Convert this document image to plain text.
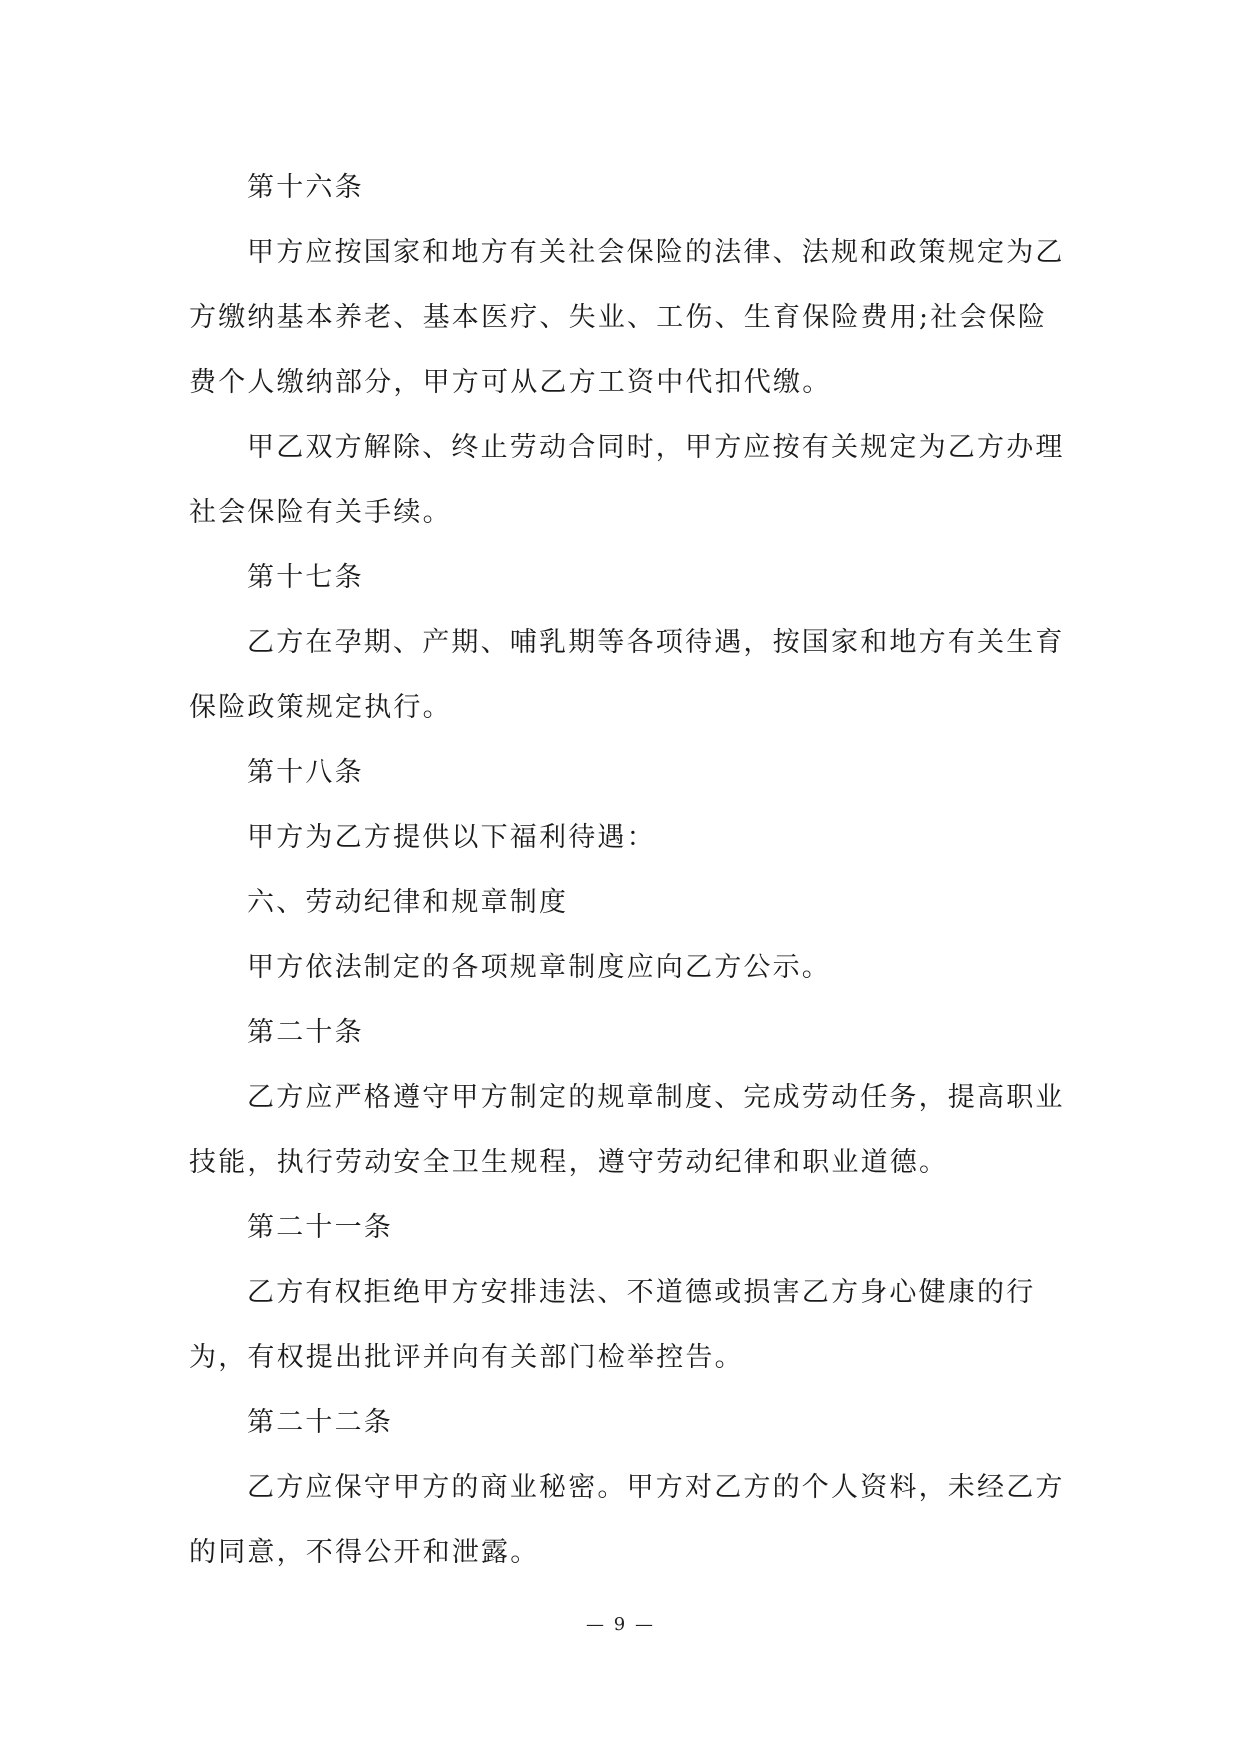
第十六条

甲方应按国家和地方有关社会保险的法律、法规和政策规定为乙方缴纳基本养老、基本医疗、失业、工伤、生育保险费用;社会保险费个人缴纳部分，甲方可从乙方工资中代扣代缴。

甲乙双方解除、终止劳动合同时，甲方应按有关规定为乙方办理社会保险有关手续。

第十七条

乙方在孕期、产期、哺乳期等各项待遇，按国家和地方有关生育保险政策规定执行。

第十八条

甲方为乙方提供以下福利待遇：

六、劳动纪律和规章制度

甲方依法制定的各项规章制度应向乙方公示。

第二十条

乙方应严格遵守甲方制定的规章制度、完成劳动任务，提高职业技能，执行劳动安全卫生规程，遵守劳动纪律和职业道德。

第二十一条

乙方有权拒绝甲方安排违法、不道德或损害乙方身心健康的行为，有权提出批评并向有关部门检举控告。

第二十二条

乙方应保守甲方的商业秘密。甲方对乙方的个人资料，未经乙方的同意，不得公开和泄露。

— 9 —
